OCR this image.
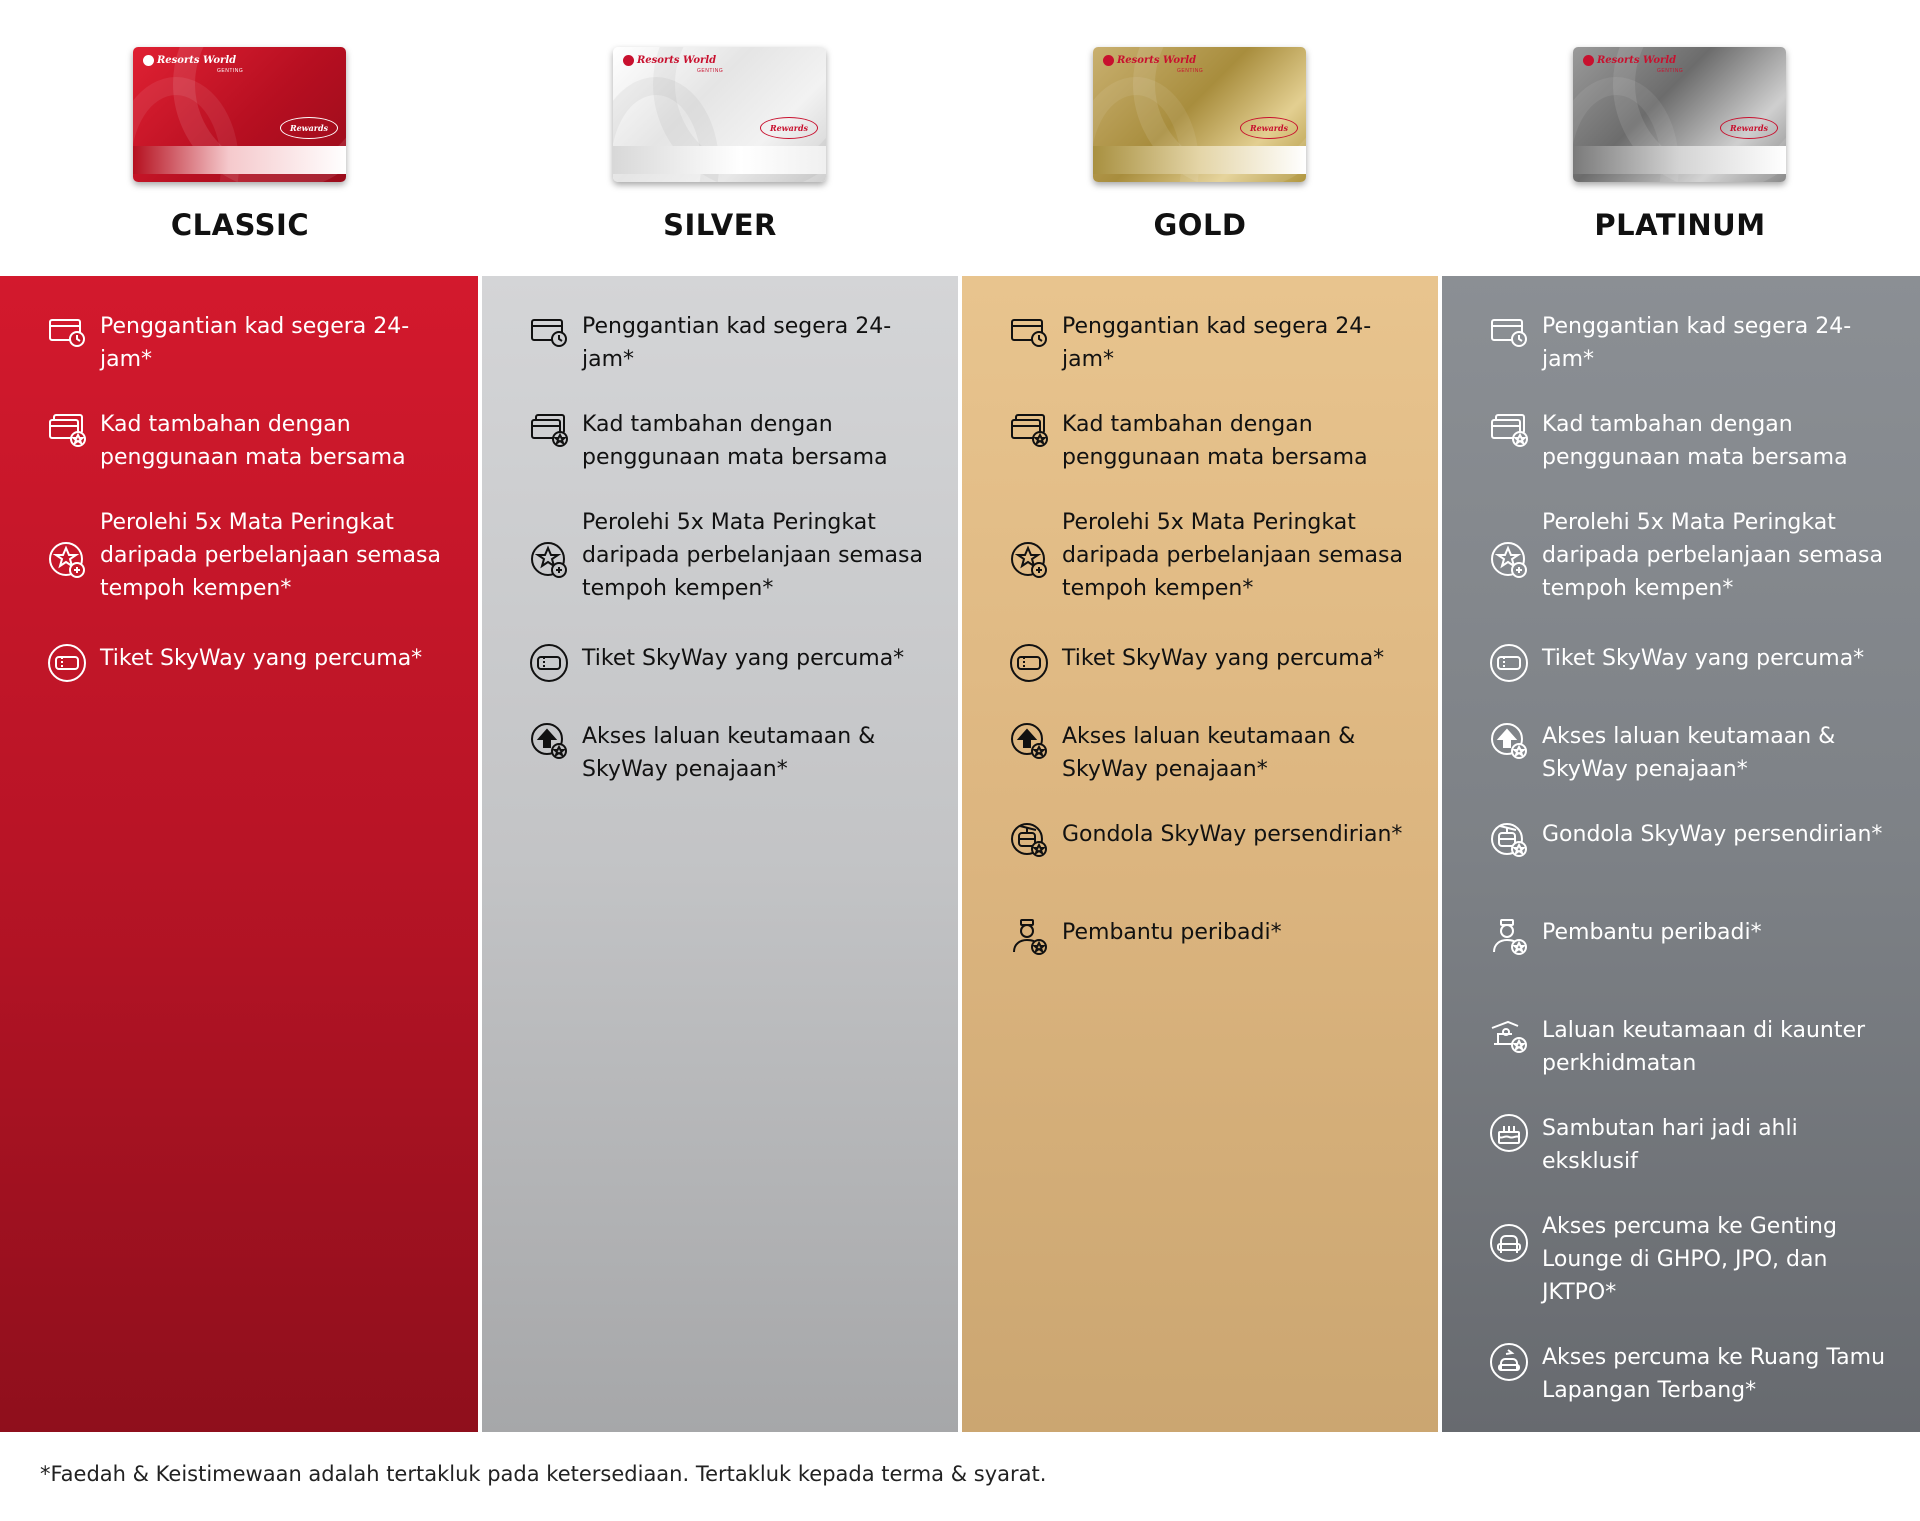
Resorts World
GENTING
Rewards
CLASSIC
Resorts World
GENTING
Rewards
SILVER
Resorts World
GENTING
Rewards
GOLD
Resorts World
GENTING
Rewards
PLATINUM
Penggantian kad segera 24-jam*
Kad tambahan dengan penggunaan mata bersama
Perolehi 5x Mata Peringkat daripada perbelanjaan semasa tempoh kempen*
Tiket SkyWay yang percuma*
Penggantian kad segera 24-jam*
Kad tambahan dengan penggunaan mata bersama
Perolehi 5x Mata Peringkat daripada perbelanjaan semasa tempoh kempen*
Tiket SkyWay yang percuma*
Akses laluan keutamaan & SkyWay penajaan*
Penggantian kad segera 24-jam*
Kad tambahan dengan penggunaan mata bersama
Perolehi 5x Mata Peringkat daripada perbelanjaan semasa tempoh kempen*
Tiket SkyWay yang percuma*
Akses laluan keutamaan & SkyWay penajaan*
Gondola SkyWay persendirian*
Pembantu peribadi*
Penggantian kad segera 24-jam*
Kad tambahan dengan penggunaan mata bersama
Perolehi 5x Mata Peringkat daripada perbelanjaan semasa tempoh kempen*
Tiket SkyWay yang percuma*
Akses laluan keutamaan & SkyWay penajaan*
Gondola SkyWay persendirian*
Pembantu peribadi*
Laluan keutamaan di kaunter perkhidmatan
Sambutan hari jadi ahli eksklusif
Akses percuma ke Genting Lounge di GHPO, JPO, dan JKTPO*
Akses percuma ke Ruang Tamu Lapangan Terbang*
*Faedah & Keistimewaan adalah tertakluk pada ketersediaan. Tertakluk kepada terma & syarat.
